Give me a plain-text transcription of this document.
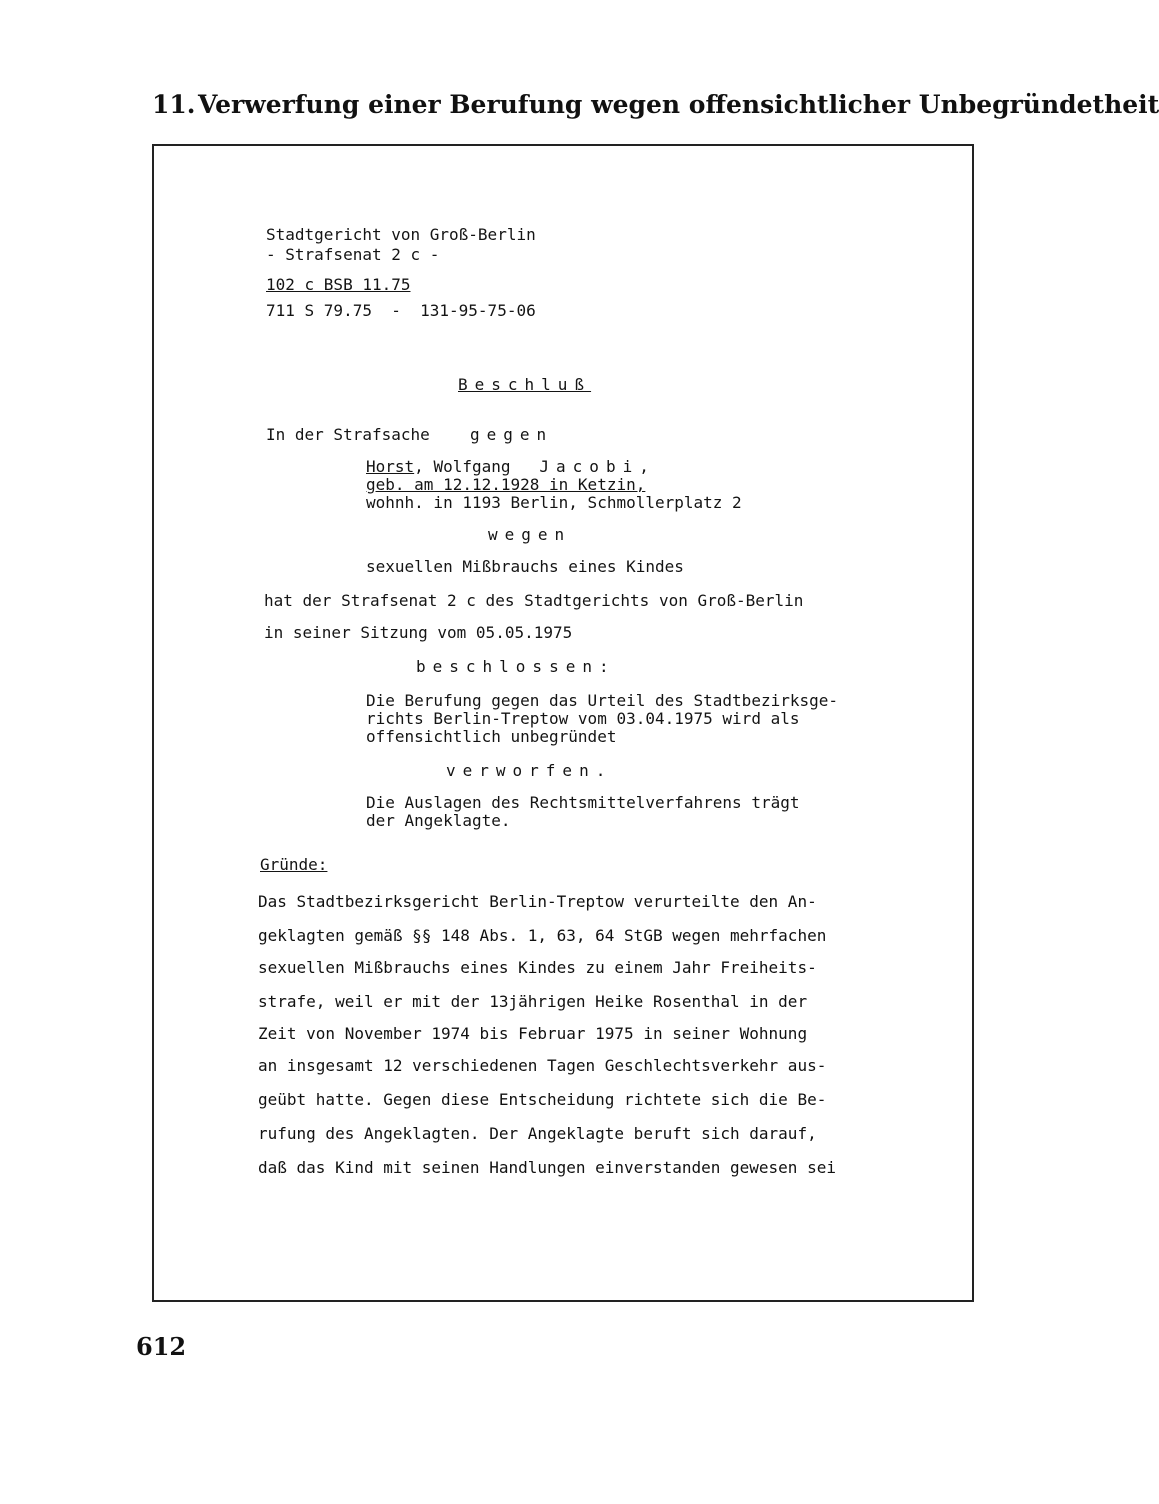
11. Verwerfung einer Berufung wegen offensichtlicher Unbegründetheit
Stadtgericht von Groß-Berlin
- Strafsenat 2 c -
102 c BSB 11.75
711 S 79.75  -  131-95-75-06
Beschluß
In der Strafsache	gegen
Horst, Wolfgang Jacobi,
geb. am 12.12.1928 in Ketzin,
wohnh. in 1193 Berlin, Schmollerplatz 2
wegen
sexuellen Mißbrauchs eines Kindes
hat der Strafsenat 2 c des Stadtgerichts von Groß-Berlin
in seiner Sitzung vom 05.05.1975
beschlossen:
Die Berufung gegen das Urteil des Stadtbezirksge-
richts Berlin-Treptow vom 03.04.1975 wird als
offensichtlich unbegründet
verworfen.
Die Auslagen des Rechtsmittelverfahrens trägt
der Angeklagte.
Gründe:
Das Stadtbezirksgericht Berlin-Treptow verurteilte den An-
geklagten gemäß §§ 148 Abs. 1, 63, 64 StGB wegen mehrfachen
sexuellen Mißbrauchs eines Kindes zu einem Jahr Freiheits-
strafe, weil er mit der 13jährigen Heike Rosenthal in der
Zeit von November 1974 bis Februar 1975 in seiner Wohnung
an insgesamt 12 verschiedenen Tagen Geschlechtsverkehr aus-
geübt hatte. Gegen diese Entscheidung richtete sich die Be-
rufung des Angeklagten. Der Angeklagte beruft sich darauf,
daß das Kind mit seinen Handlungen einverstanden gewesen sei
612
